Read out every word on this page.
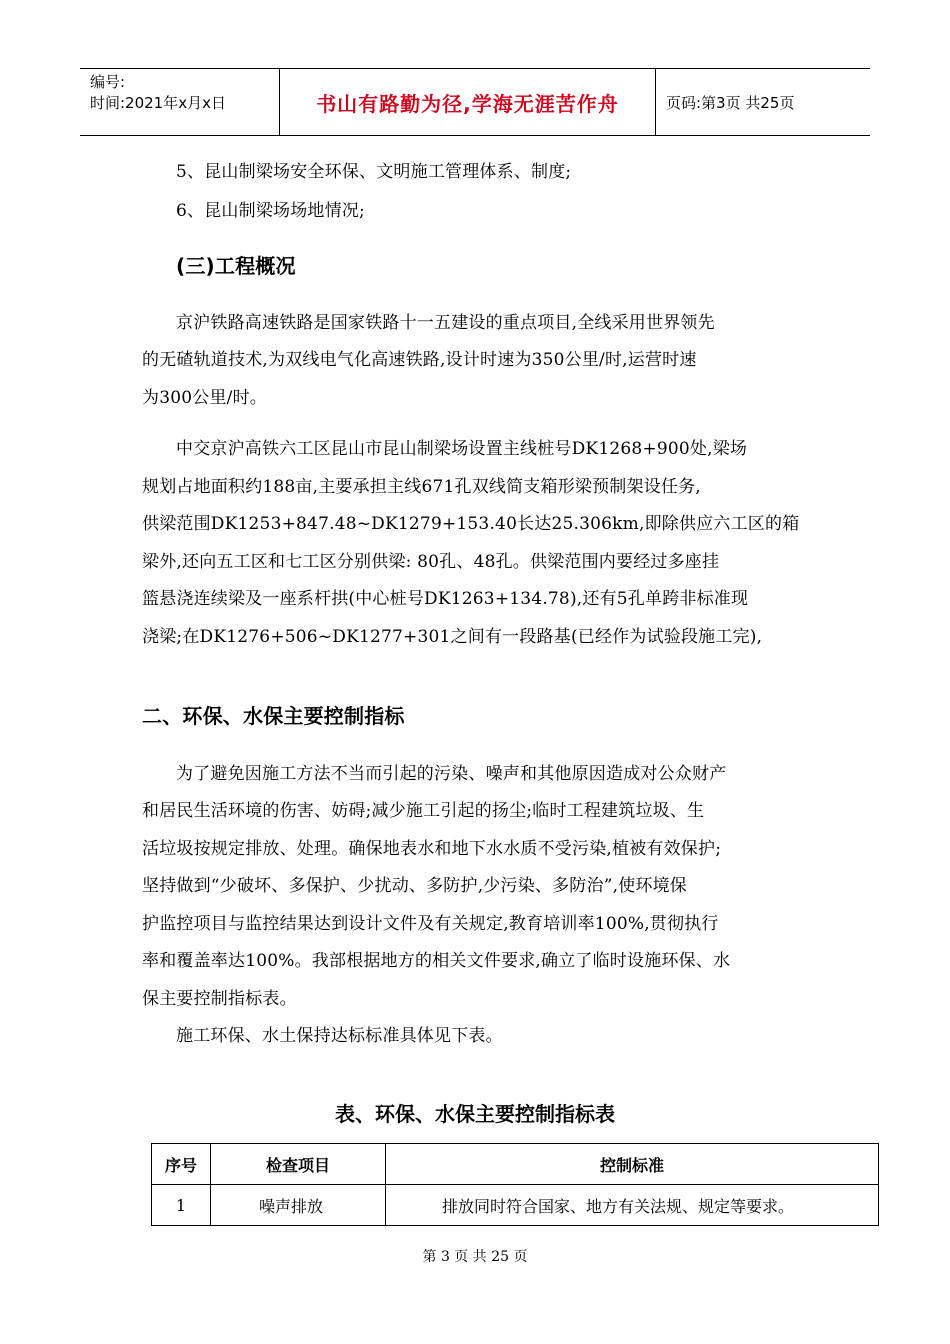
编号:
时间:2021年x月x日	书山有路勤为径,学海无涯苦作舟	页码:第3页 共25页
5、昆山制梁场安全环保、文明施工管理体系、制度;
6、昆山制梁场场地情况;
(三)工程概况
京沪铁路高速铁路是国家铁路十一五建设的重点项目,全线采用世界领先
的无碴轨道技术,为双线电气化高速铁路,设计时速为350公里/时,运营时速
为300公里/时。
中交京沪高铁六工区昆山市昆山制梁场设置主线桩号DK1268+900处,梁场
规划占地面积约188亩,主要承担主线671孔双线简支箱形梁预制架设任务,
供梁范围DK1253+847.48~DK1279+153.40长达25.306km,即除供应六工区的箱
梁外,还向五工区和七工区分别供梁: 80孔、48孔。供梁范围内要经过多座挂
篮悬浇连续梁及一座系杆拱(中心桩号DK1263+134.78),还有5孔单跨非标准现
浇梁;在DK1276+506~DK1277+301之间有一段路基(已经作为试验段施工完),
二、环保、水保主要控制指标
为了避免因施工方法不当而引起的污染、噪声和其他原因造成对公众财产
和居民生活环境的伤害、妨碍;减少施工引起的扬尘;临时工程建筑垃圾、生
活垃圾按规定排放、处理。确保地表水和地下水水质不受污染,植被有效保护;
坚持做到“少破坏、多保护、少扰动、多防护,少污染、多防治”,使环境保
护监控项目与监控结果达到设计文件及有关规定,教育培训率100%,贯彻执行
率和覆盖率达100%。我部根据地方的相关文件要求,确立了临时设施环保、水
保主要控制指标表。
施工环保、水土保持达标标准具体见下表。
表、环保、水保主要控制指标表
序号	检查项目	控制标准
1	噪声排放	排放同时符合国家、地方有关法规、规定等要求。
第 3 页 共 25 页
